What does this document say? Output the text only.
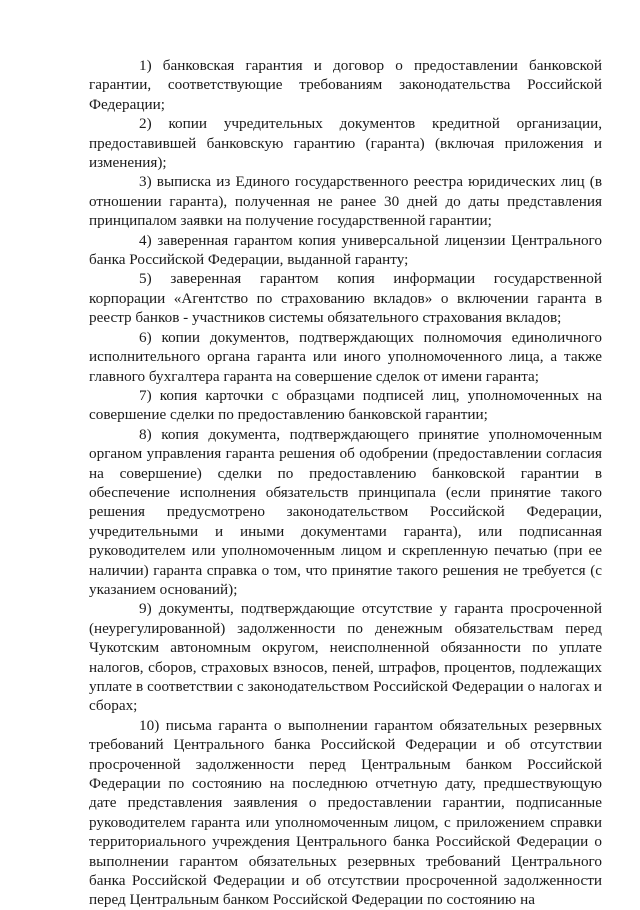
1) банковская гарантия и договор о предоставлении банковской гарантии, соответствующие требованиям законодательства Российской Федерации;

2) копии учредительных документов кредитной организации, предоставившей банковскую гарантию (гаранта) (включая приложения и изменения);

3) выписка из Единого государственного реестра юридических лиц (в отношении гаранта), полученная не ранее 30 дней до даты представления принципалом заявки на получение государственной гарантии;

4) заверенная гарантом копия универсальной лицензии Центрального банка Российской Федерации, выданной гаранту;

5) заверенная гарантом копия информации государственной корпорации «Агентство по страхованию вкладов» о включении гаранта в реестр банков - участников системы обязательного страхования вкладов;

6) копии документов, подтверждающих полномочия единоличного исполнительного органа гаранта или иного уполномоченного лица, а также главного бухгалтера гаранта на совершение сделок от имени гаранта;

7) копия карточки с образцами подписей лиц, уполномоченных на совершение сделки по предоставлению банковской гарантии;

8) копия документа, подтверждающего принятие уполномоченным органом управления гаранта решения об одобрении (предоставлении согласия на совершение) сделки по предоставлению банковской гарантии в обеспечение исполнения обязательств принципала (если принятие такого решения предусмотрено законодательством Российской Федерации, учредительными и иными документами гаранта), или подписанная руководителем или уполномоченным лицом и скрепленную печатью (при ее наличии) гаранта справка о том, что принятие такого решения не требуется (с указанием оснований);

9) документы, подтверждающие отсутствие у гаранта просроченной (неурегулированной) задолженности по денежным обязательствам перед Чукотским автономным округом, неисполненной обязанности по уплате налогов, сборов, страховых взносов, пеней, штрафов, процентов, подлежащих уплате в соответствии с законодательством Российской Федерации о налогах и сборах;

10) письма гаранта о выполнении гарантом обязательных резервных требований Центрального банка Российской Федерации и об отсутствии просроченной задолженности перед Центральным банком Российской Федерации по состоянию на последнюю отчетную дату, предшествующую дате представления заявления о предоставлении гарантии, подписанные руководителем гаранта или уполномоченным лицом, с приложением справки территориального учреждения Центрального банка Российской Федерации о выполнении гарантом обязательных резервных требований Центрального банка Российской Федерации и об отсутствии просроченной задолженности перед Центральным банком Российской Федерации по состоянию на
